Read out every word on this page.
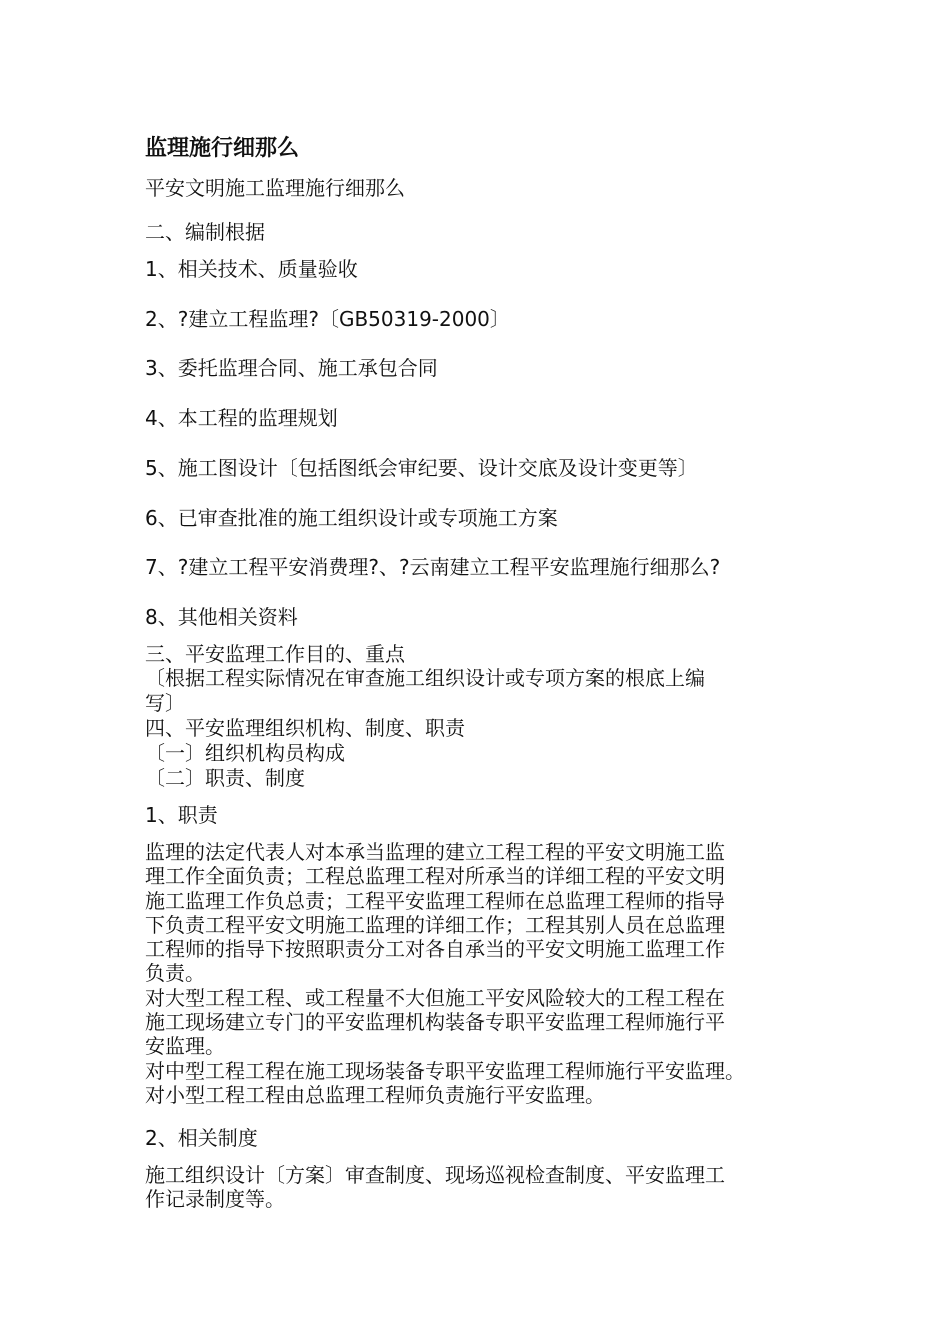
监理施行细那么
平安文明施工监理施行细那么
二、编制根据
1、相关技术、质量验收
2、?建立工程监理?〔GB50319-2000〕
3、委托监理合同、施工承包合同
4、本工程的监理规划
5、施工图设计〔包括图纸会审纪要、设计交底及设计变更等〕
6、已审查批准的施工组织设计或专项施工方案
7、?建立工程平安消费理?、?云南建立工程平安监理施行细那么?
8、其他相关资料
三、平安监理工作目的、重点
〔根据工程实际情况在审查施工组织设计或专项方案的根底上编
写〕
四、平安监理组织机构、制度、职责
〔一〕组织机构员构成
〔二〕职责、制度
1、职责
监理的法定代表人对本承当监理的建立工程工程的平安文明施工监
理工作全面负责；工程总监理工程对所承当的详细工程的平安文明
施工监理工作负总责；工程平安监理工程师在总监理工程师的指导
下负责工程平安文明施工监理的详细工作；工程其别人员在总监理
工程师的指导下按照职责分工对各自承当的平安文明施工监理工作
负责。
对大型工程工程、或工程量不大但施工平安风险较大的工程工程在
施工现场建立专门的平安监理机构装备专职平安监理工程师施行平
安监理。
对中型工程工程在施工现场装备专职平安监理工程师施行平安监理。
对小型工程工程由总监理工程师负责施行平安监理。
2、相关制度
施工组织设计〔方案〕审查制度、现场巡视检查制度、平安监理工
作记录制度等。
